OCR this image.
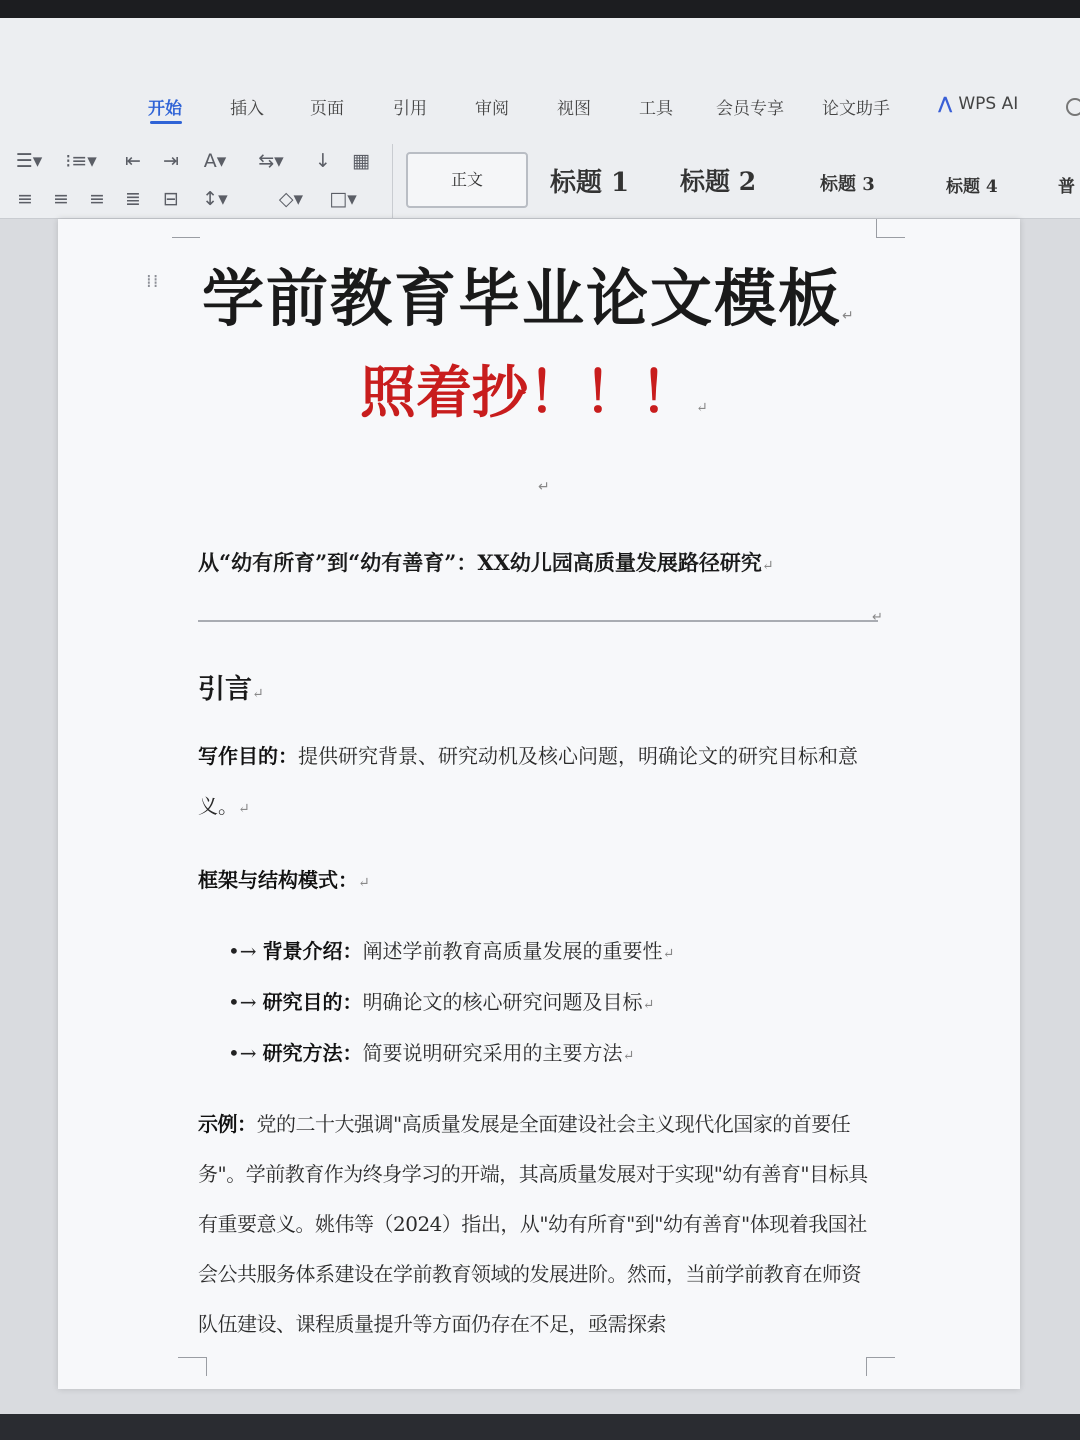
开始	插入	页面	引用	审阅	视图	工具	会员专享 论文助手	⋀ WPS AI
☰▾ ⁝≡▾	⇤	⇥	A▾	⇆▾	↓	▦
≡	≡	≡	≣	⊟	↕▾	◇▾ □▾
正文	标题 1 标题 2	标题 3	标题 4	普
⁞⁞ 学前教育毕业论文模板↵
照着抄！！！↵
↵
从“幼有所育”到“幼有善育”：XX幼儿园高质量发展路径研究↵
↵
引言↵
写作目的：提供研究背景、研究动机及核心问题，明确论文的研究目标和意义。↵
框架与结构模式：↵
•→ 背景介绍：阐述学前教育高质量发展的重要性↵
•→ 研究目的：明确论文的核心研究问题及目标↵
•→ 研究方法：简要说明研究采用的主要方法↵
示例：党的二十大强调"高质量发展是全面建设社会主义现代化国家的首要任务"。学前教育作为终身学习的开端，其高质量发展对于实现"幼有善育"目标具有重要意义。姚伟等（2024）指出，从"幼有所育"到"幼有善育"体现着我国社会公共服务体系建设在学前教育领域的发展进阶。然而，当前学前教育在师资队伍建设、课程质量提升等方面仍存在不足，亟需探索
